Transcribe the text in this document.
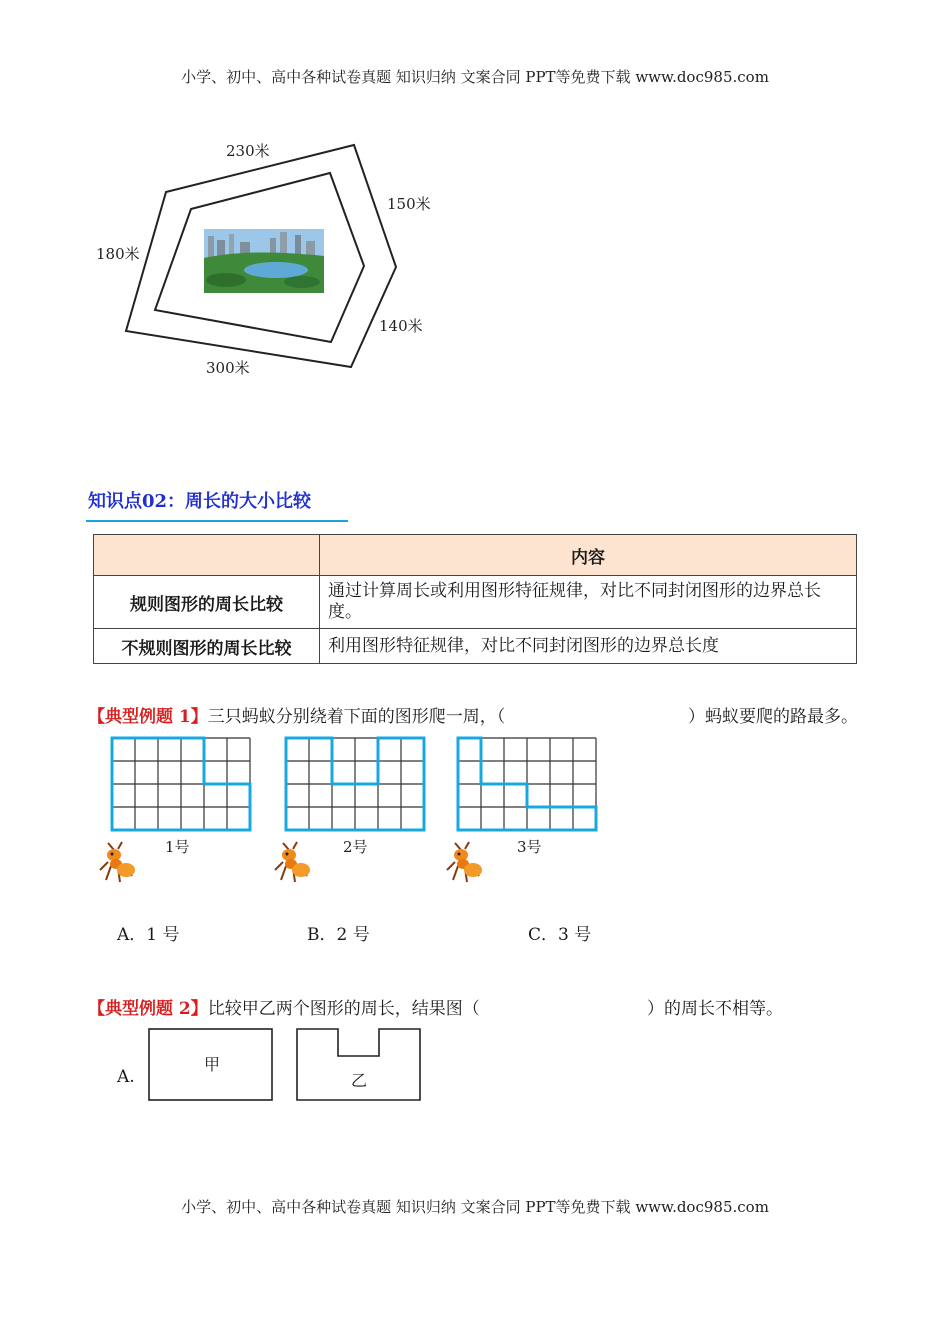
小学、初中、高中各种试卷真题 知识归纳 文案合同 PPT等免费下载 www.doc985.com
230米
150米
180米
140米
300米
知识点02：周长的大小比较
	内容
规则图形的周长比较	通过计算周长或利用图形特征规律，对比不同封闭图形的边界总长度。
不规则图形的周长比较	利用图形特征规律，对比不同封闭图形的边界总长度
【典型例题 1】三只蚂蚁分别绕着下面的图形爬一周，（	）蚂蚁要爬的路最多。
1号	2号	3号
A．1 号	B．2 号	C．3 号
【典型例题 2】比较甲乙两个图形的周长，结果图（	）的周长不相等。
A.
甲
乙
小学、初中、高中各种试卷真题 知识归纳 文案合同 PPT等免费下载 www.doc985.com
